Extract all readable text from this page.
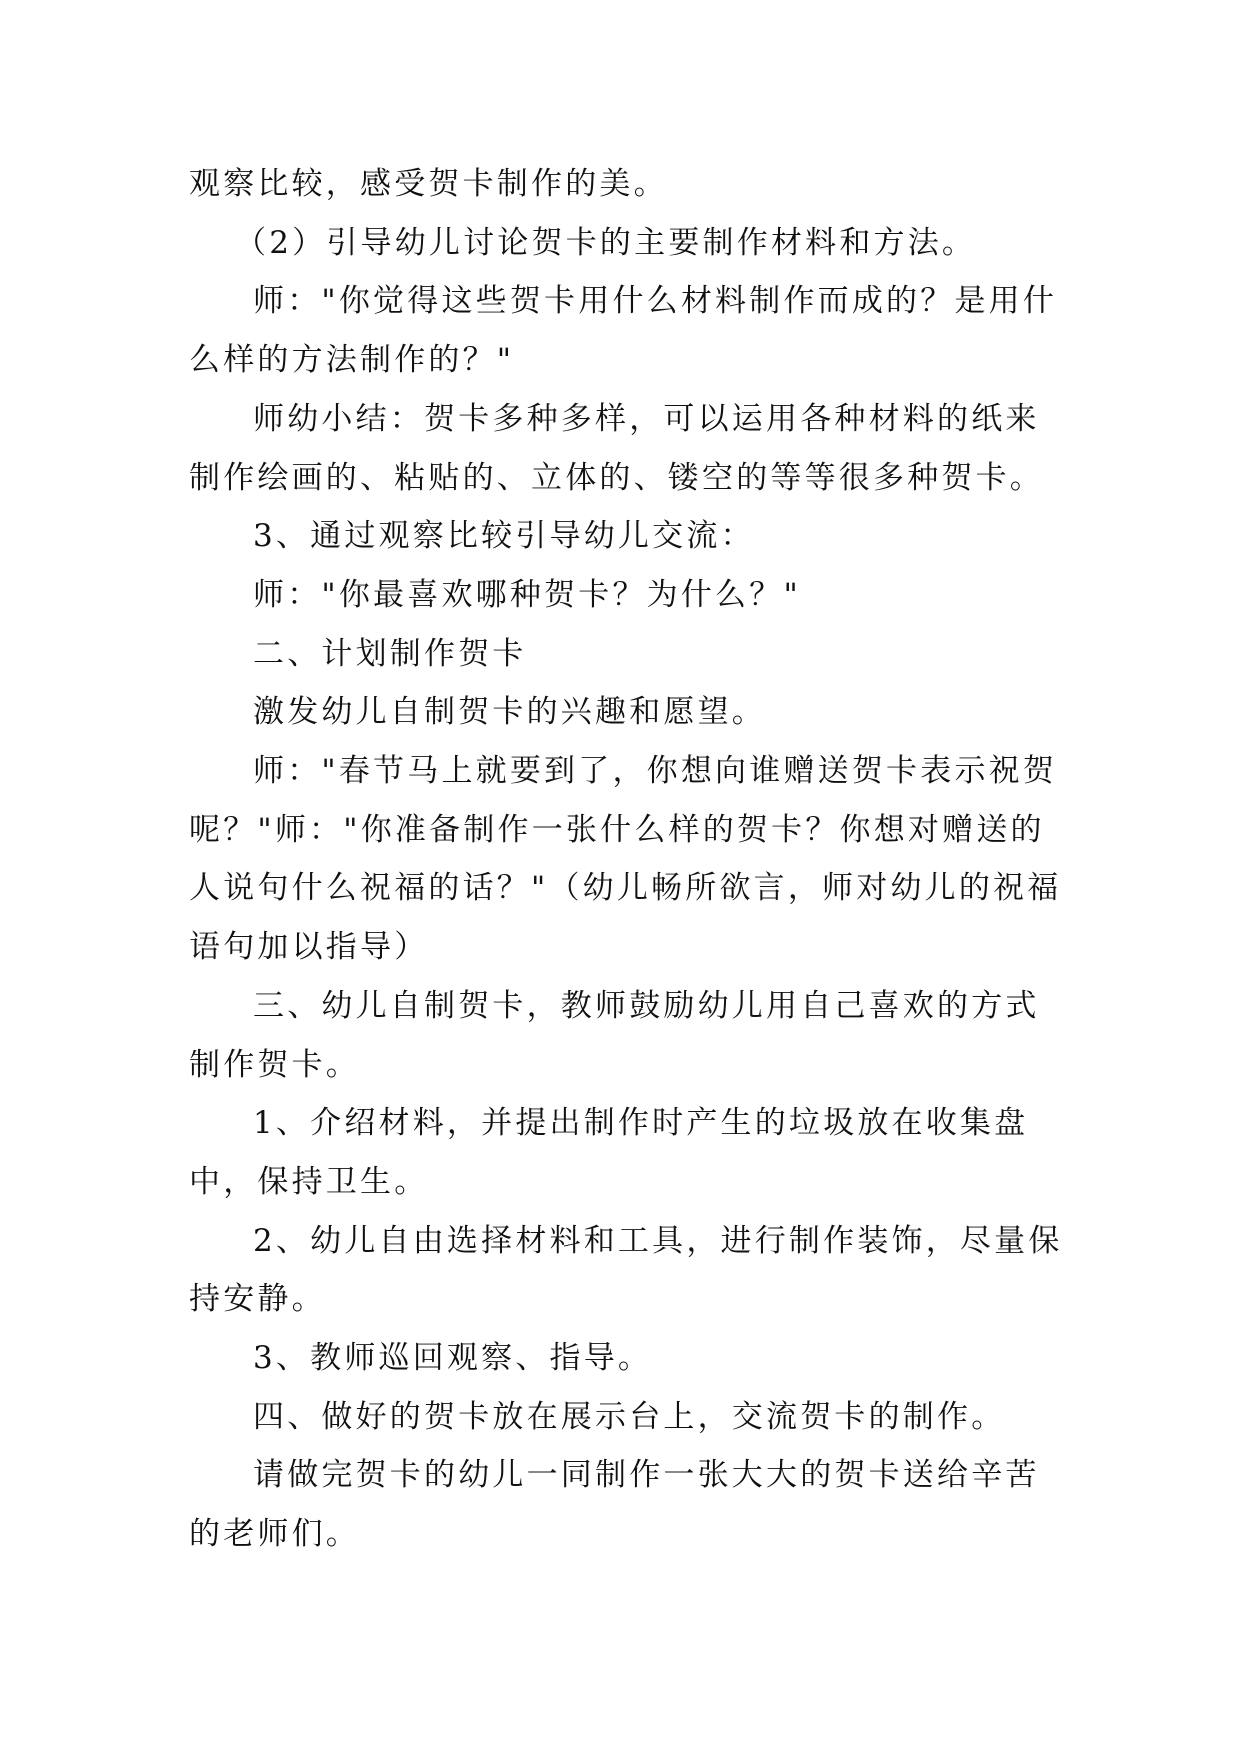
观察比较，感受贺卡制作的美。

（2）引导幼儿讨论贺卡的主要制作材料和方法。

师："你觉得这些贺卡用什么材料制作而成的？是用什么样的方法制作的？"

师幼小结：贺卡多种多样，可以运用各种材料的纸来制作绘画的、粘贴的、立体的、镂空的等等很多种贺卡。

3、通过观察比较引导幼儿交流：

师："你最喜欢哪种贺卡？为什么？"

二、计划制作贺卡

激发幼儿自制贺卡的兴趣和愿望。

师："春节马上就要到了，你想向谁赠送贺卡表示祝贺呢？"师："你准备制作一张什么样的贺卡？你想对赠送的人说句什么祝福的话？"（幼儿畅所欲言，师对幼儿的祝福语句加以指导）

三、幼儿自制贺卡，教师鼓励幼儿用自己喜欢的方式制作贺卡。

1、介绍材料，并提出制作时产生的垃圾放在收集盘中，保持卫生。

2、幼儿自由选择材料和工具，进行制作装饰，尽量保持安静。

3、教师巡回观察、指导。

四、做好的贺卡放在展示台上，交流贺卡的制作。

请做完贺卡的幼儿一同制作一张大大的贺卡送给辛苦的老师们。
